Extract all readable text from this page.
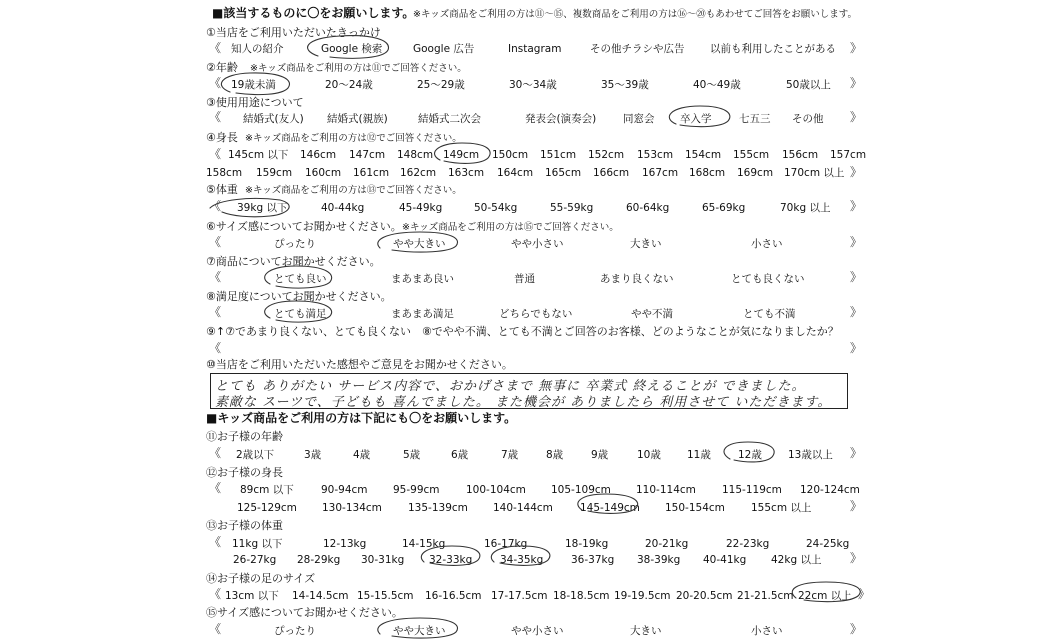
■該当するものに〇をお願いします。
※キッズ商品をご利用の方は⑪～⑮、複数商品をご利用の方は⑯～⑳もあわせてご回答をお願いします。
①当店をご利用いただいたきっかけ
《 知人の紹介	Google 検索	Google 広告	Instagram	その他チラシや広告 以前も利用したことがある 》
②年齢 ※キッズ商品をご利用の方は⑪でご回答ください。
《 19歳未満	20～24歳	25～29歳	30～34歳	35～39歳	40～49歳	50歳以上 》
③使用用途について
《 結婚式(友人) 結婚式(親族)	結婚式二次会	発表会(演奏会)	同窓会 卒入学	七五三 その他 》
④身長 ※キッズ商品をご利用の方は⑫でご回答ください。
《 145cm 以下 146cm 147cm 148cm 149cm 150cm 151cm 152cm 153cm 154cm 155cm 156cm 157cm
158cm 159cm 160cm 161cm 162cm 163cm 164cm 165cm 166cm 167cm 168cm 169cm 170cm 以上 》
⑤体重 ※キッズ商品をご利用の方は⑬でご回答ください。
《 39kg 以下	40-44kg	45-49kg	50-54kg	55-59kg	60-64kg	65-69kg	70kg 以上 》
⑥サイズ感についてお聞かせください。 ※キッズ商品をご利用の方は⑮でご回答ください。
《	ぴったり	やや大きい	やや小さい	大きい	小さい	》
⑦商品についてお聞かせください。
《	とても良い	まあまあ良い	普通	あまり良くない	とても良くない	》
⑧満足度についてお聞かせください。
《	とても満足	まあまあ満足	どちらでもない	やや不満	とても不満	》
⑨↑⑦であまり良くない、とても良くない　⑧でやや不満、とても不満とご回答のお客様、どのようなことが気になりましたか？
《	》
⑩当店をご利用いただいた感想やご意見をお聞かせください。
とても ありがたい サービス内容で、おかげさまで 無事に 卒業式 終えることが できました。
素敵な スーツで、子どもも 喜んでました。 また機会が ありましたら 利用させて いただきます。
■キッズ商品をご利用の方は下記にも〇をお願いします。
⑪お子様の年齢
《 2歳以下	3歳	4歳	5歳	6歳	7歳	8歳	9歳	10歳 11歳	12歳 13歳以上 》
⑫お子様の身長
《 89cm 以下	90-94cm 95-99cm	100-104cm 105-109cm 110-114cm 115-119cm 120-124cm
125-129cm 130-134cm 135-139cm 140-144cm	145-149cm 150-154cm 155cm 以上	》
⑬お子様の体重
《 11kg 以下	12-13kg	14-15kg	16-17kg	18-19kg	20-21kg	22-23kg	24-25kg
26-27kg 28-29kg 30-31kg 32-33kg	34-35kg	36-37kg 38-39kg 40-41kg 42kg 以上 》
⑭お子様の足のサイズ
《 13cm 以下 14-14.5cm 15-15.5cm 16-16.5cm 17-17.5cm 18-18.5cm 19-19.5cm 20-20.5cm 21-21.5cm 22cm 以上 》
⑮サイズ感についてお聞かせください。
《	ぴったり	やや大きい	やや小さい	大きい	小さい	》
